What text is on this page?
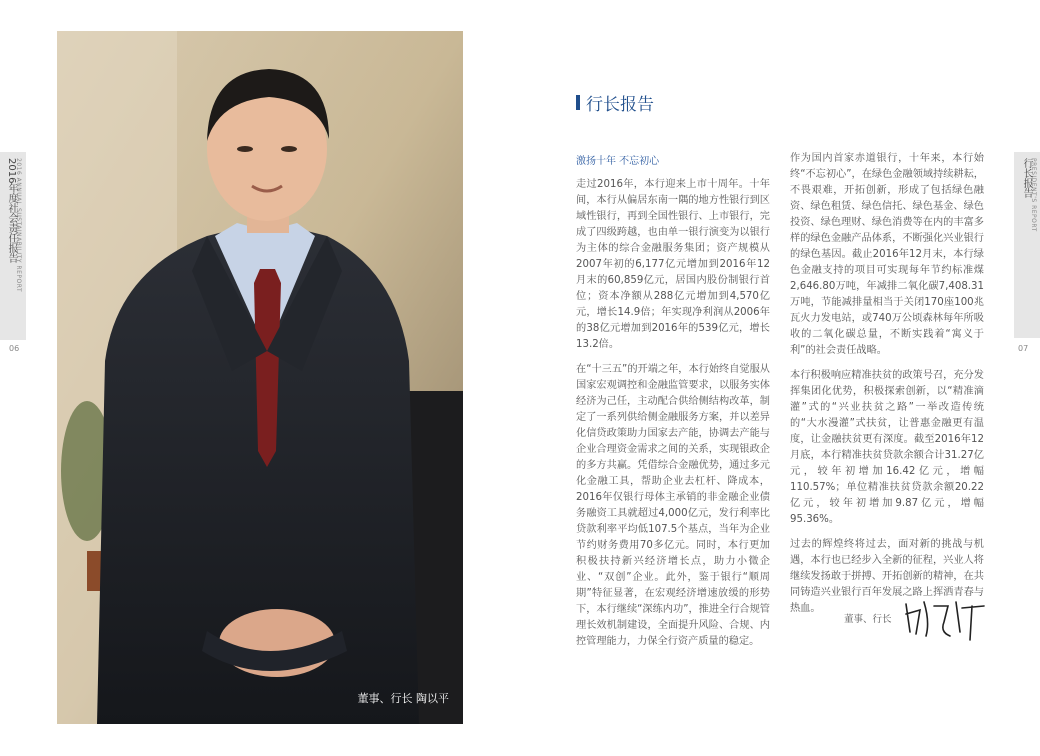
2016年度社会责任报告
2016 ANNUAL SUSTAINABILITY REPORT
06
行长报告
PRESIDENT'S REPORT
07
董事、行长 陶以平
行长报告
激扬十年 不忘初心

走过2016年，本行迎来上市十周年。十年间，本行从偏居东南一隅的地方性银行到区域性银行，再到全国性银行、上市银行，完成了四级跨越，也由单一银行演变为以银行为主体的综合金融服务集团；资产规模从2007年初的6,177亿元增加到2016年12月末的60,859亿元，居国内股份制银行首位；资本净额从288亿元增加到4,570亿元，增长14.9倍；年实现净利润从2006年的38亿元增加到2016年的539亿元，增长13.2倍。

在“十三五”的开端之年，本行始终自觉服从国家宏观调控和金融监管要求，以服务实体经济为己任，主动配合供给侧结构改革，制定了一系列供给侧金融服务方案，并以差异化信贷政策助力国家去产能，协调去产能与企业合理资金需求之间的关系，实现银政企的多方共赢。凭借综合金融优势，通过多元化金融工具，帮助企业去杠杆、降成本，2016年仅银行母体主承销的非金融企业债务融资工具就超过4,000亿元，发行利率比贷款利率平均低107.5个基点，当年为企业节约财务费用70多亿元。同时，本行更加积极扶持新兴经济增长点，助力小微企业、“双创”企业。此外，鉴于银行“顺周期”特征显著，在宏观经济增速放缓的形势下，本行继续“深练内功”，推进全行合规管理长效机制建设，全面提升风险、合规、内控管理能力，力保全行资产质量的稳定。

作为国内首家赤道银行，十年来，本行始终“不忘初心”，在绿色金融领域持续耕耘，不畏艰难，开拓创新，形成了包括绿色融资、绿色租赁、绿色信托、绿色基金、绿色投资、绿色理财、绿色消费等在内的丰富多样的绿色金融产品体系，不断强化兴业银行的绿色基因。截止2016年12月末，本行绿色金融支持的项目可实现每年节约标准煤2,646.80万吨，年减排二氧化碳7,408.31万吨，节能减排量相当于关闭170座100兆瓦火力发电站，或740万公顷森林每年所吸收的二氧化碳总量，不断实践着“寓义于利”的社会责任战略。

本行积极响应精准扶贫的政策号召，充分发挥集团化优势，积极探索创新，以“精准滴灌”式的“兴业扶贫之路”一举改造传统的“大水漫灌”式扶贫，让普惠金融更有温度，让金融扶贫更有深度。截至2016年12月底，本行精准扶贫贷款余额合计31.27亿元，较年初增加16.42亿元，增幅110.57%；单位精准扶贫贷款余额20.22亿元，较年初增加9.87亿元，增幅95.36%。

过去的辉煌终将过去，面对新的挑战与机遇，本行也已经步入全新的征程，兴业人将继续发扬敢于拼搏、开拓创新的精神，在共同铸造兴业银行百年发展之路上挥洒青春与热血。

董事、行长
